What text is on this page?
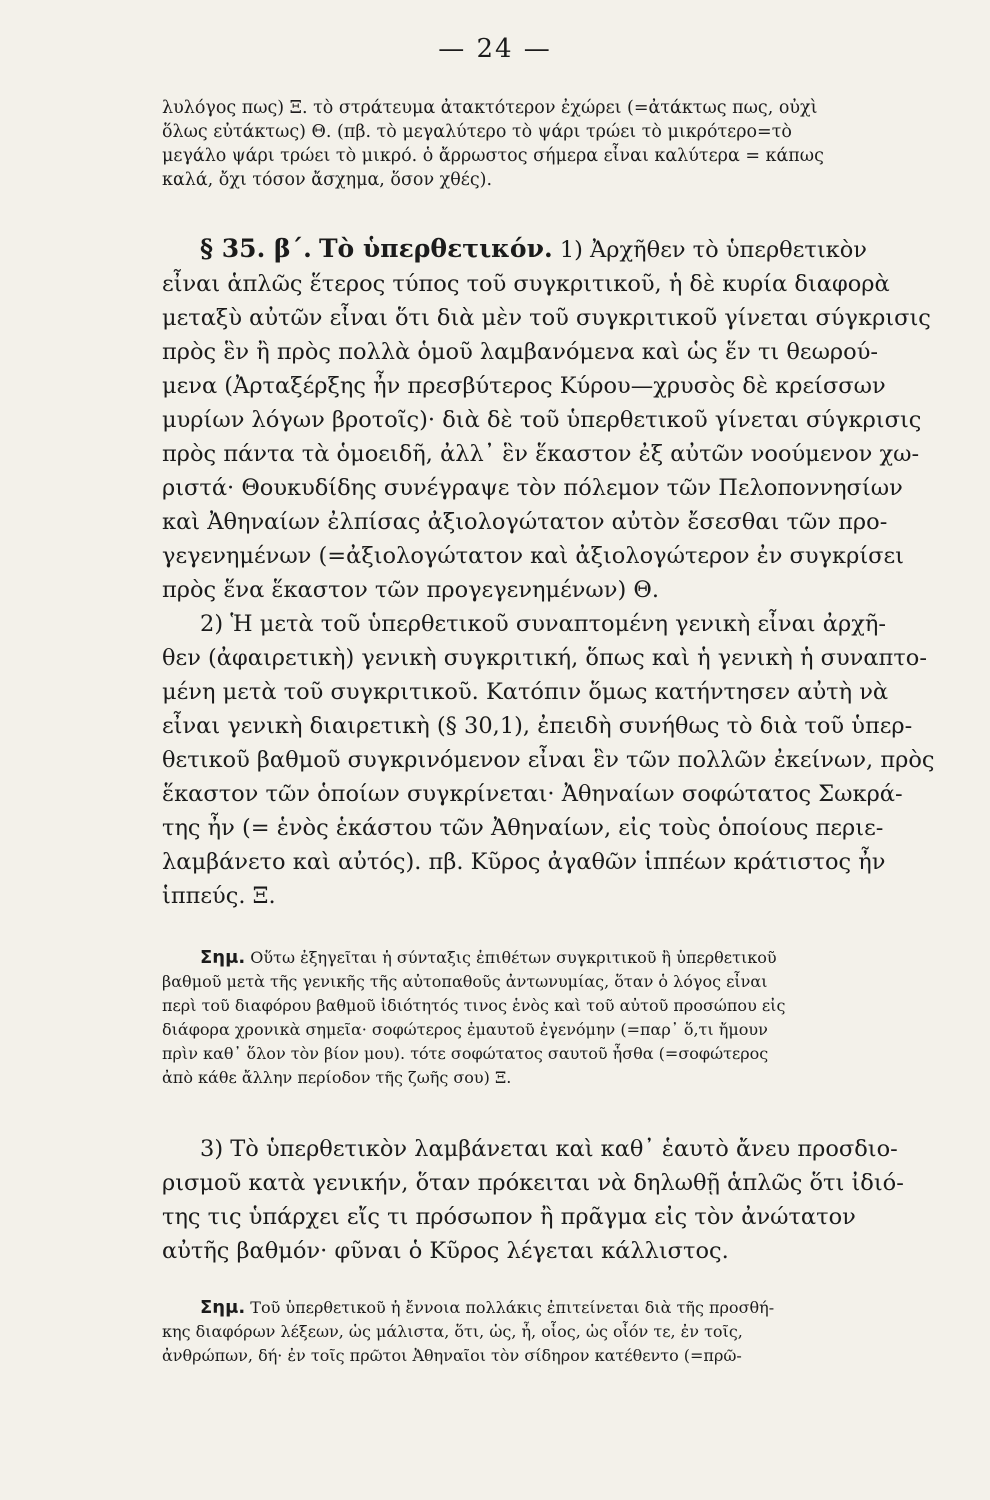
— 24 —
λυλόγος πως) Ξ. τὸ στράτευμα ἀτακτότερον ἐχώρει (=ἀτάκτως πως, οὐχὶ
ὅλως εὐτάκτως) Θ. (πβ. τὸ μεγαλύτερο τὸ ψάρι τρώει τὸ μικρότερο=τὸ
μεγάλο ψάρι τρώει τὸ μικρό. ὁ ἄρρωστος σήμερα εἶναι καλύτερα = κάπως
καλά, ὄχι τόσον ἄσχημα, ὅσον χθές).
§ 35. β΄. Τὸ ὑπερθετικόν. 1) Ἀρχῆθεν τὸ ὑπερθετικὸν
εἶναι ἁπλῶς ἕτερος τύπος τοῦ συγκριτικοῦ, ἡ δὲ κυρία διαφορὰ
μεταξὺ αὐτῶν εἶναι ὅτι διὰ μὲν τοῦ συγκριτικοῦ γίνεται σύγκρισις
πρὸς ἓν ἢ πρὸς πολλὰ ὁμοῦ λαμβανόμενα καὶ ὡς ἕν τι θεωρού-
μενα (Ἀρταξέρξης ἦν πρεσβύτερος Κύρου—χρυσὸς δὲ κρείσσων
μυρίων λόγων βροτοῖς)· διὰ δὲ τοῦ ὑπερθετικοῦ γίνεται σύγκρισις
πρὸς πάντα τὰ ὁμοειδῆ, ἀλλ᾽ ἓν ἕκαστον ἐξ αὐτῶν νοούμενον χω-
ριστά· Θουκυδίδης συνέγραψε τὸν πόλεμον τῶν Πελοποννησίων
καὶ Ἀθηναίων ἐλπίσας ἀξιολογώτατον αὐτὸν ἔσεσθαι τῶν προ-
γεγενημένων (=ἀξιολογώτατον καὶ ἀξιολογώτερον ἐν συγκρίσει
πρὸς ἕνα ἕκαστον τῶν προγεγενημένων) Θ.
2) Ἡ μετὰ τοῦ ὑπερθετικοῦ συναπτομένη γενικὴ εἶναι ἀρχῆ-
θεν (ἀφαιρετικὴ) γενικὴ συγκριτική, ὅπως καὶ ἡ γενικὴ ἡ συναπτο-
μένη μετὰ τοῦ συγκριτικοῦ. Κατόπιν ὅμως κατήντησεν αὐτὴ νὰ
εἶναι γενικὴ διαιρετικὴ (§ 30,1), ἐπειδὴ συνήθως τὸ διὰ τοῦ ὑπερ-
θετικοῦ βαθμοῦ συγκρινόμενον εἶναι ἓν τῶν πολλῶν ἐκείνων, πρὸς
ἕκαστον τῶν ὁποίων συγκρίνεται· Ἀθηναίων σοφώτατος Σωκρά-
της ἦν (= ἑνὸς ἑκάστου τῶν Ἀθηναίων, εἰς τοὺς ὁποίους περιε-
λαμβάνετο καὶ αὐτός). πβ. Κῦρος ἀγαθῶν ἱππέων κράτιστος ἦν
ἱππεύς. Ξ.
Σημ. Οὕτω ἐξηγεῖται ἡ σύνταξις ἐπιθέτων συγκριτικοῦ ἢ ὑπερθετικοῦ
βαθμοῦ μετὰ τῆς γενικῆς τῆς αὐτοπαθοῦς ἀντωνυμίας, ὅταν ὁ λόγος εἶναι
περὶ τοῦ διαφόρου βαθμοῦ ἰδιότητός τινος ἑνὸς καὶ τοῦ αὐτοῦ προσώπου εἰς
διάφορα χρονικὰ σημεῖα· σοφώτερος ἐμαυτοῦ ἐγενόμην (=παρ᾽ ὅ,τι ἤμουν
πρὶν καθ᾽ ὅλον τὸν βίον μου). τότε σοφώτατος σαυτοῦ ἦσθα (=σοφώτερος
ἀπὸ κάθε ἄλλην περίοδον τῆς ζωῆς σου) Ξ.
3) Τὸ ὑπερθετικὸν λαμβάνεται καὶ καθ᾽ ἑαυτὸ ἄνευ προσδιο-
ρισμοῦ κατὰ γενικήν, ὅταν πρόκειται νὰ δηλωθῇ ἁπλῶς ὅτι ἰδιό-
της τις ὑπάρχει εἴς τι πρόσωπον ἢ πρᾶγμα εἰς τὸν ἀνώτατον
αὐτῆς βαθμόν· φῦναι ὁ Κῦρος λέγεται κάλλιστος.
Σημ. Τοῦ ὑπερθετικοῦ ἡ ἔννοια πολλάκις ἐπιτείνεται διὰ τῆς προσθή-
κης διαφόρων λέξεων, ὡς μάλιστα, ὅτι, ὡς, ἦ, οἷος, ὡς οἷόν τε, ἐν τοῖς,
ἀνθρώπων, δή· ἐν τοῖς πρῶτοι Ἀθηναῖοι τὸν σίδηρον κατέθεντο (=πρῶ-
